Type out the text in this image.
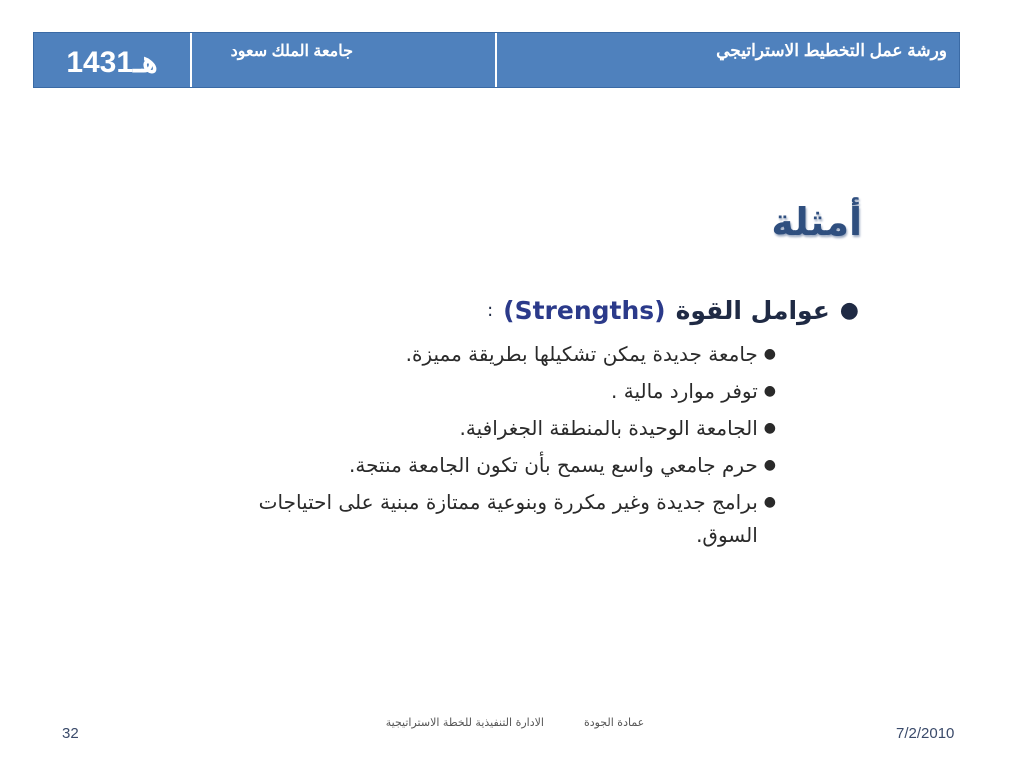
1431هـ	جامعة الملك سعود	ورشة عمل التخطيط الاستراتيجي
أمثلة
●
عوامل القوة
(Strengths)
:
●
جامعة جديدة يمكن تشكيلها بطريقة مميزة.
●
توفر موارد مالية .
●
الجامعة الوحيدة بالمنطقة الجغرافية.
●
حرم جامعي واسع يسمح بأن تكون الجامعة منتجة.
●
برامج جديدة وغير مكررة وبنوعية ممتازة مبنية على احتياجات السوق.
32
عمادة الجودةالادارة التنفيذية للخطة الاستراتيجية
7/2/2010
